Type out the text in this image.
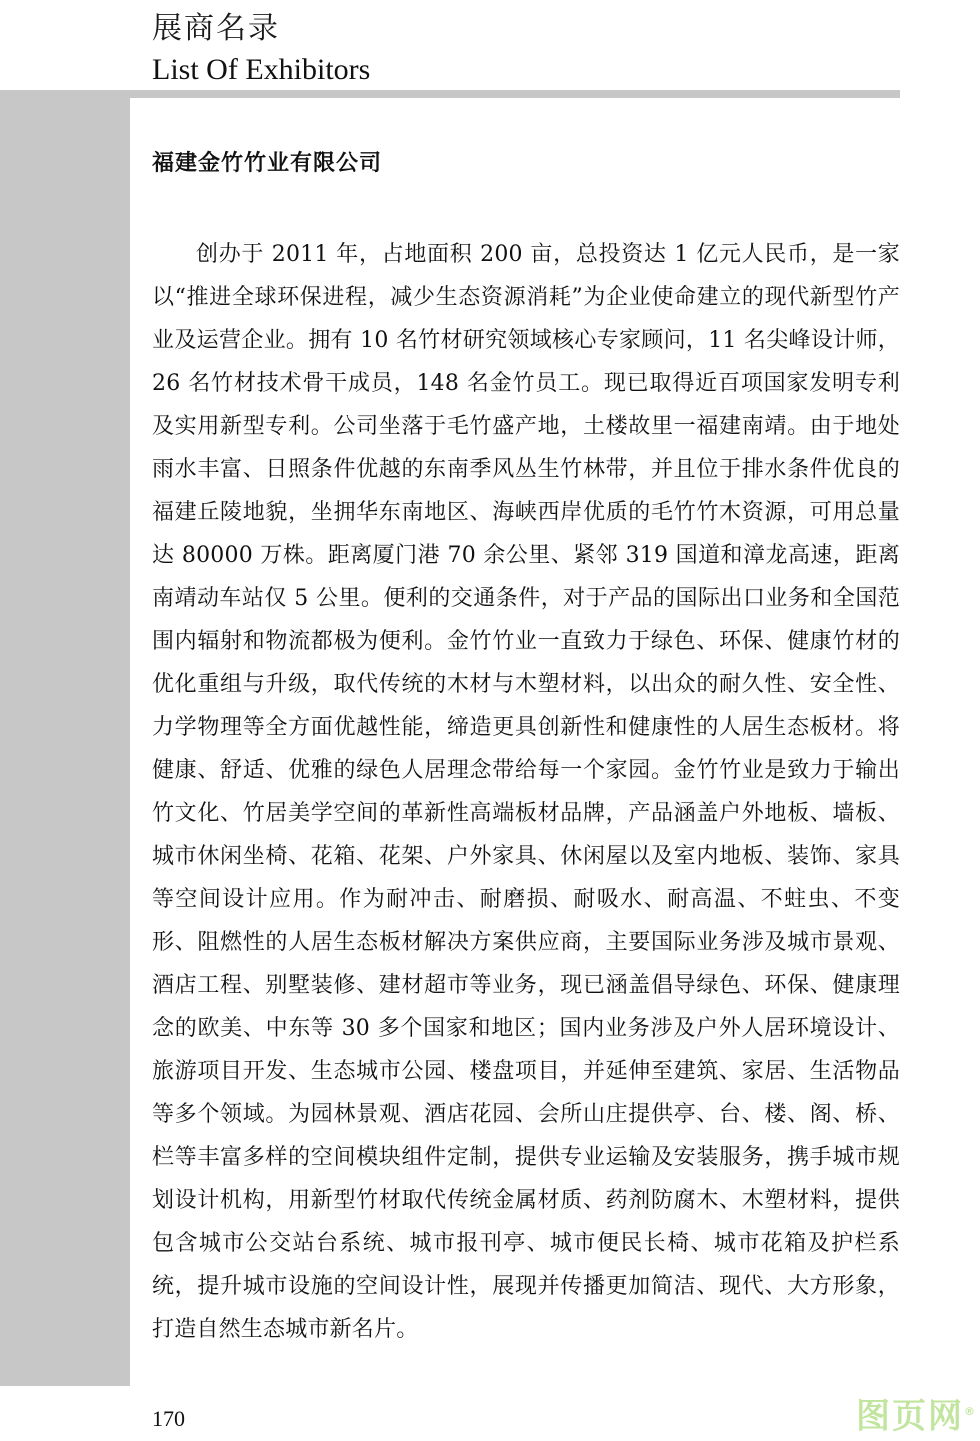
展商名录
List Of Exhibitors
福建金竹竹业有限公司

创办于 2011 年，占地面积 200 亩，总投资达 1 亿元人民币，是一家以“推进全球环保进程，减少生态资源消耗”为企业使命建立的现代新型竹产业及运营企业。拥有 10 名竹材研究领域核心专家顾问，11 名尖峰设计师，26 名竹材技术骨干成员，148 名金竹员工。现已取得近百项国家发明专利及实用新型专利。公司坐落于毛竹盛产地，土楼故里一福建南靖。由于地处雨水丰富、日照条件优越的东南季风丛生竹林带，并且位于排水条件优良的福建丘陵地貌，坐拥华东南地区、海峡西岸优质的毛竹竹木资源，可用总量达 80000 万株。距离厦门港 70 余公里、紧邻 319 国道和漳龙高速，距离南靖动车站仅 5 公里。便利的交通条件，对于产品的国际出口业务和全国范围内辐射和物流都极为便利。金竹竹业一直致力于绿色、环保、健康竹材的优化重组与升级，取代传统的木材与木塑材料，以出众的耐久性、安全性、力学物理等全方面优越性能，缔造更具创新性和健康性的人居生态板材。将健康、舒适、优雅的绿色人居理念带给每一个家园。金竹竹业是致力于输出竹文化、竹居美学空间的革新性高端板材品牌，产品涵盖户外地板、墙板、城市休闲坐椅、花箱、花架、户外家具、休闲屋以及室内地板、装饰、家具等空间设计应用。作为耐冲击、耐磨损、耐吸水、耐高温、不蛀虫、不变形、阻燃性的人居生态板材解决方案供应商，主要国际业务涉及城市景观、酒店工程、别墅装修、建材超市等业务，现已涵盖倡导绿色、环保、健康理念的欧美、中东等 30 多个国家和地区；国内业务涉及户外人居环境设计、旅游项目开发、生态城市公园、楼盘项目，并延伸至建筑、家居、生活物品等多个领域。为园林景观、酒店花园、会所山庄提供亭、台、楼、阁、桥、栏等丰富多样的空间模块组件定制，提供专业运输及安装服务，携手城市规划设计机构，用新型竹材取代传统金属材质、药剂防腐木、木塑材料，提供包含城市公交站台系统、城市报刊亭、城市便民长椅、城市花箱及护栏系统，提升城市设施的空间设计性，展现并传播更加简洁、现代、大方形象，打造自然生态城市新名片。

170	图页网®
